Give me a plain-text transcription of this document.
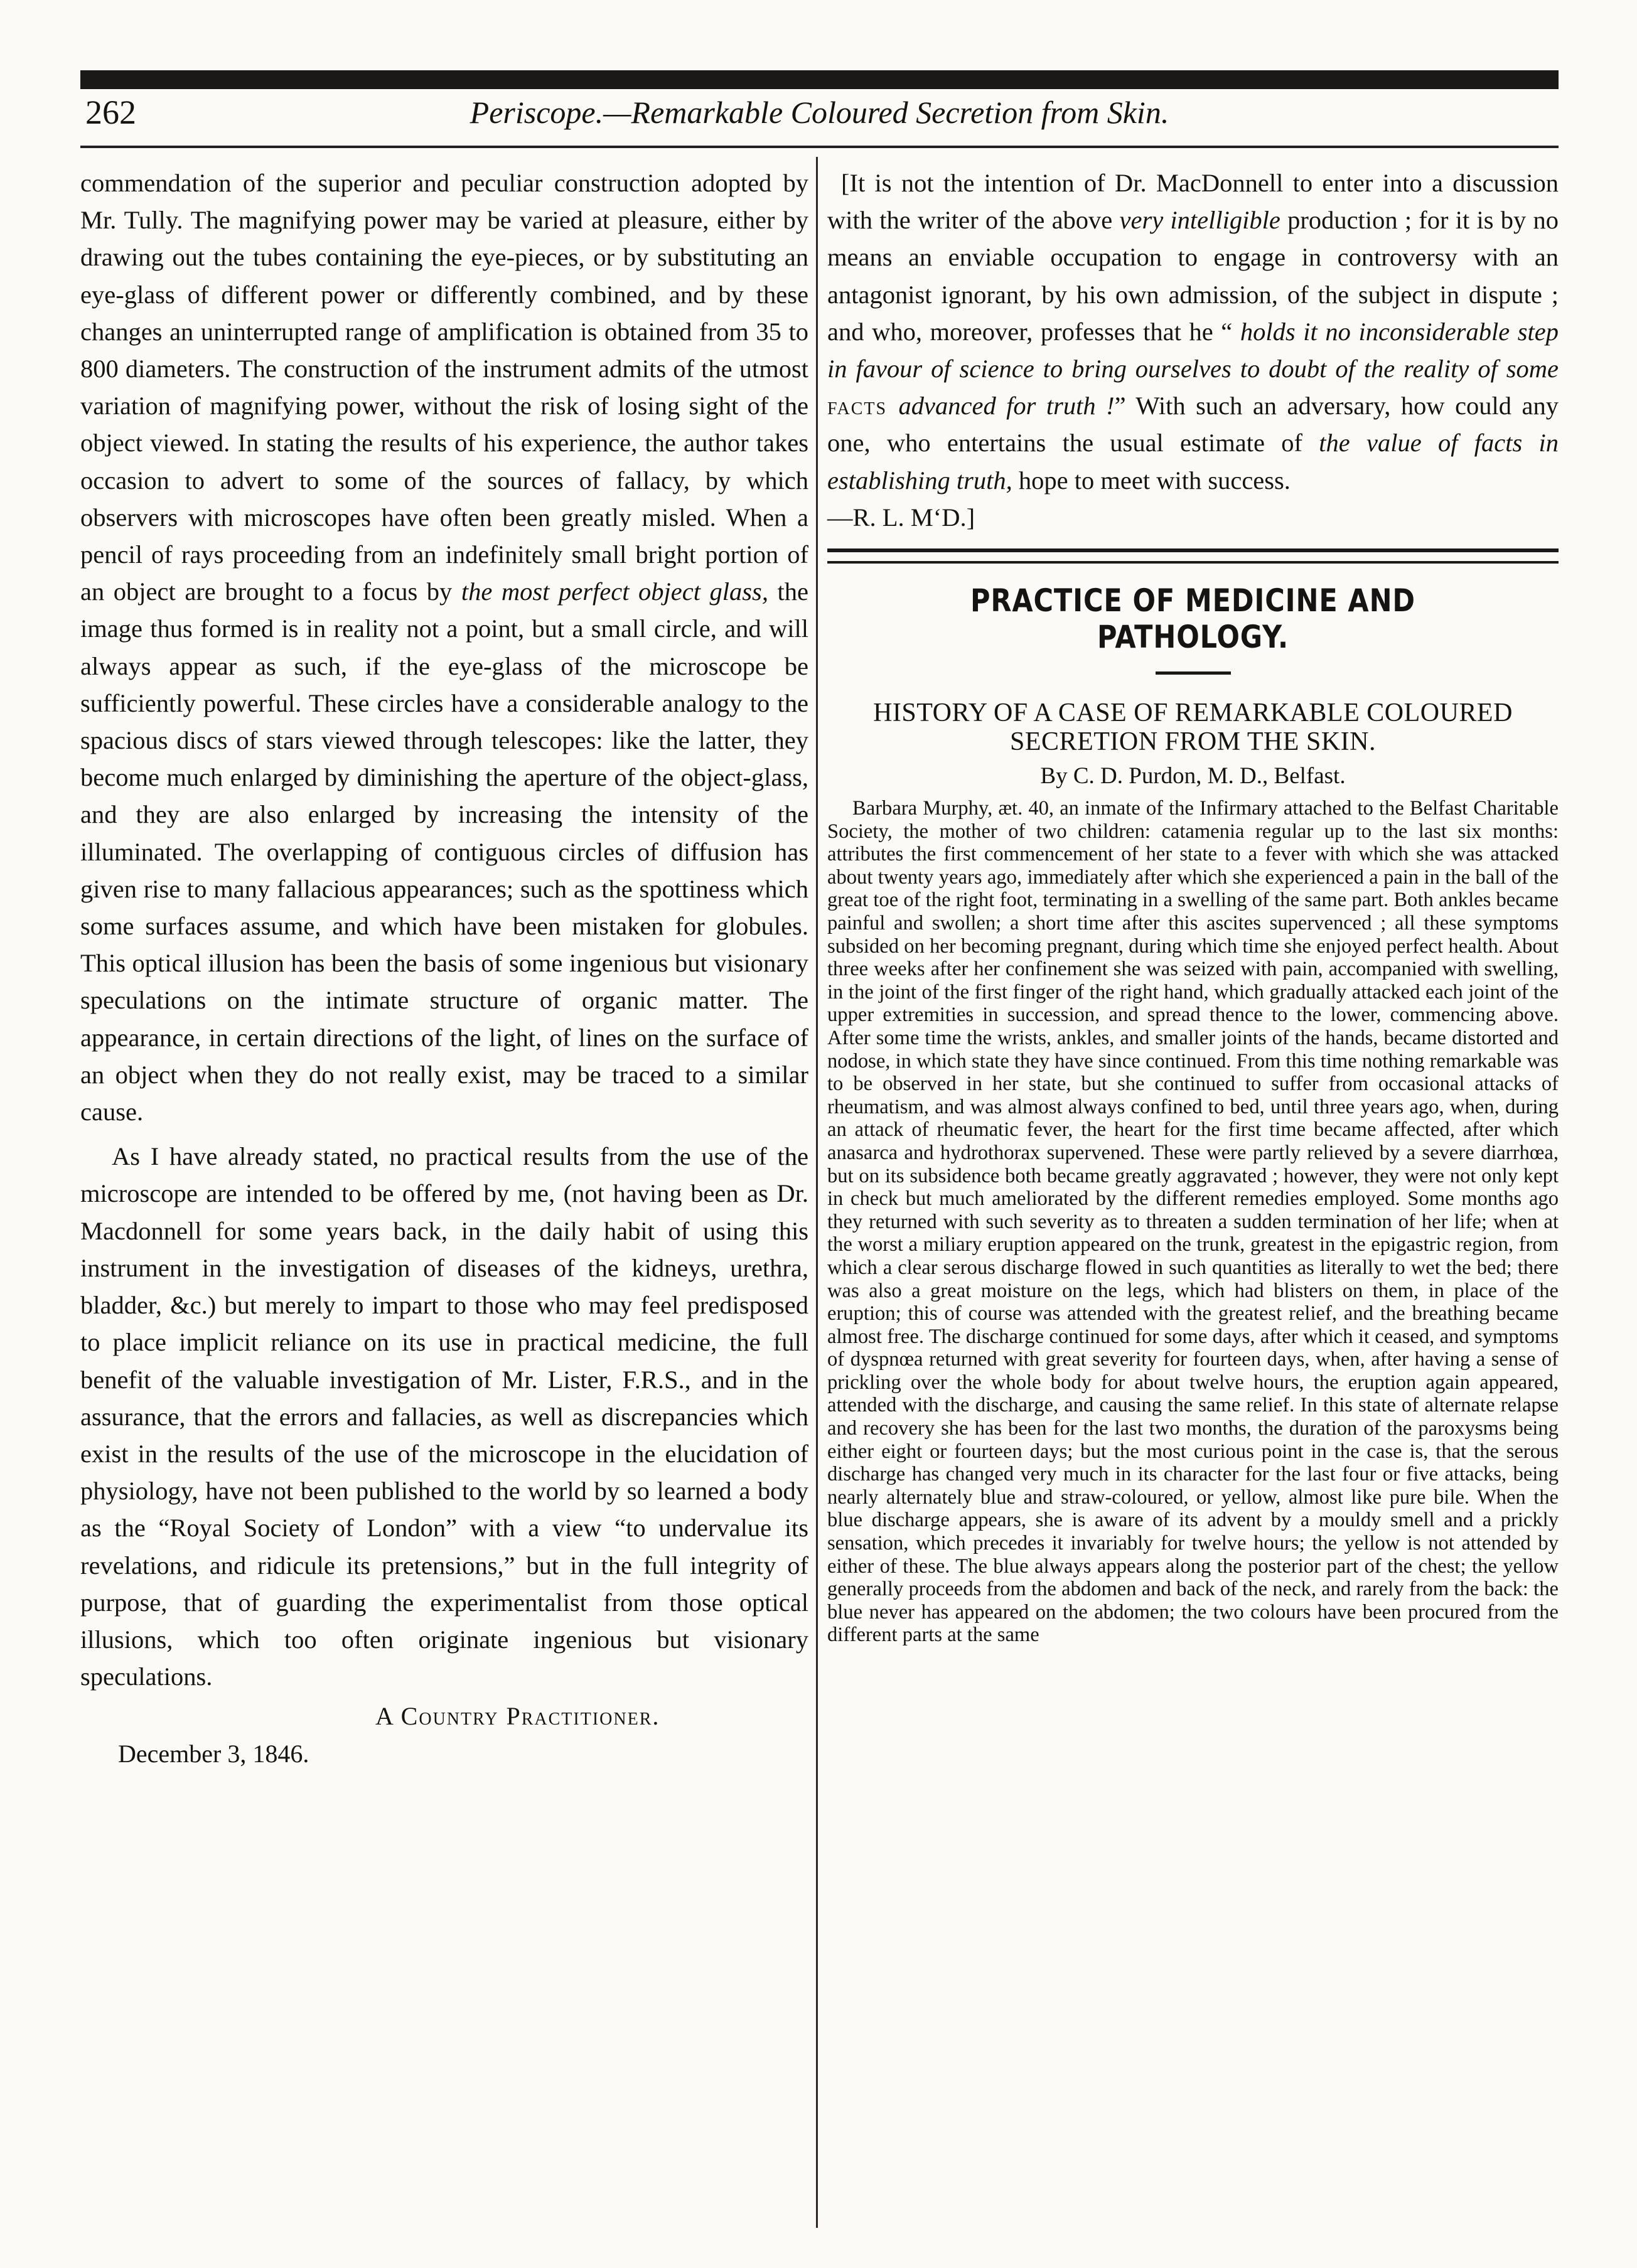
262	Periscope.—Remarkable Coloured Secretion from Skin.

commendation of the superior and peculiar construction adopted by Mr. Tully. The magnifying power may be varied at pleasure, either by drawing out the tubes containing the eye-pieces, or by substituting an eye-glass of different power or differently combined, and by these changes an uninterrupted range of amplification is obtained from 35 to 800 diameters. The construction of the instrument admits of the utmost variation of magnifying power, without the risk of losing sight of the object viewed. In stating the results of his experience, the author takes occasion to advert to some of the sources of fallacy, by which observers with microscopes have often been greatly misled. When a pencil of rays proceeding from an indefinitely small bright portion of an object are brought to a focus by the most perfect object glass, the image thus formed is in reality not a point, but a small circle, and will always appear as such, if the eye-glass of the microscope be sufficiently powerful. These circles have a considerable analogy to the spacious discs of stars viewed through telescopes: like the latter, they become much enlarged by diminishing the aperture of the object-glass, and they are also enlarged by increasing the intensity of the illuminated. The overlapping of contiguous circles of diffusion has given rise to many fallacious appearances; such as the spottiness which some surfaces assume, and which have been mistaken for globules. This optical illusion has been the basis of some ingenious but visionary speculations on the intimate structure of organic matter. The appearance, in certain directions of the light, of lines on the surface of an object when they do not really exist, may be traced to a similar cause.

As I have already stated, no practical results from the use of the microscope are intended to be offered by me, (not having been as Dr. Macdonnell for some years back, in the daily habit of using this instrument in the investigation of diseases of the kidneys, urethra, bladder, &c.) but merely to impart to those who may feel predisposed to place implicit reliance on its use in practical medicine, the full benefit of the valuable investigation of Mr. Lister, F.R.S., and in the assurance, that the errors and fallacies, as well as discrepancies which exist in the results of the use of the microscope in the elucidation of physiology, have not been published to the world by so learned a body as the “Royal Society of London” with a view “to undervalue its revelations, and ridicule its pretensions,” but in the full integrity of purpose, that of guarding the experimentalist from those optical illusions, which too often originate ingenious but visionary speculations.

A Country Practitioner.
December 3, 1846.

[It is not the intention of Dr. MacDonnell to enter into a discussion with the writer of the above very intelligible production ; for it is by no means an enviable occupation to engage in controversy with an antagonist ignorant, by his own admission, of the subject in dispute ; and who, moreover, professes that he “ holds it no inconsiderable step in favour of science to bring ourselves to doubt of the reality of some facts advanced for truth !” With such an adversary, how could any one, who entertains the usual estimate of the value of facts in establishing truth, hope to meet with success.

—R. L. M‘D.]

PRACTICE OF MEDICINE AND PATHOLOGY.

HISTORY OF A CASE OF REMARKABLE COLOURED SECRETION FROM THE SKIN.

By C. D. Purdon, M. D., Belfast.

Barbara Murphy, æt. 40, an inmate of the Infirmary attached to the Belfast Charitable Society, the mother of two children: catamenia regular up to the last six months: attributes the first commencement of her state to a fever with which she was attacked about twenty years ago, immediately after which she experienced a pain in the ball of the great toe of the right foot, terminating in a swelling of the same part. Both ankles became painful and swollen; a short time after this ascites supervenced ; all these symptoms subsided on her becoming pregnant, during which time she enjoyed perfect health. About three weeks after her confinement she was seized with pain, accompanied with swelling, in the joint of the first finger of the right hand, which gradually attacked each joint of the upper extremities in succession, and spread thence to the lower, commencing above. After some time the wrists, ankles, and smaller joints of the hands, became distorted and nodose, in which state they have since continued. From this time nothing remarkable was to be observed in her state, but she continued to suffer from occasional attacks of rheumatism, and was almost always confined to bed, until three years ago, when, during an attack of rheumatic fever, the heart for the first time became affected, after which anasarca and hydrothorax supervened. These were partly relieved by a severe diarrhœa, but on its subsidence both became greatly aggravated ; however, they were not only kept in check but much ameliorated by the different remedies employed. Some months ago they returned with such severity as to threaten a sudden termination of her life; when at the worst a miliary eruption appeared on the trunk, greatest in the epigastric region, from which a clear serous discharge flowed in such quantities as literally to wet the bed; there was also a great moisture on the legs, which had blisters on them, in place of the eruption; this of course was attended with the greatest relief, and the breathing became almost free. The discharge continued for some days, after which it ceased, and symptoms of dyspnœa returned with great severity for fourteen days, when, after having a sense of prickling over the whole body for about twelve hours, the eruption again appeared, attended with the discharge, and causing the same relief. In this state of alternate relapse and recovery she has been for the last two months, the duration of the paroxysms being either eight or fourteen days; but the most curious point in the case is, that the serous discharge has changed very much in its character for the last four or five attacks, being nearly alternately blue and straw-coloured, or yellow, almost like pure bile. When the blue discharge appears, she is aware of its advent by a mouldy smell and a prickly sensation, which precedes it invariably for twelve hours; the yellow is not attended by either of these. The blue always appears along the posterior part of the chest; the yellow generally proceeds from the abdomen and back of the neck, and rarely from the back: the blue never has appeared on the abdomen; the two colours have been procured from the different parts at the same
